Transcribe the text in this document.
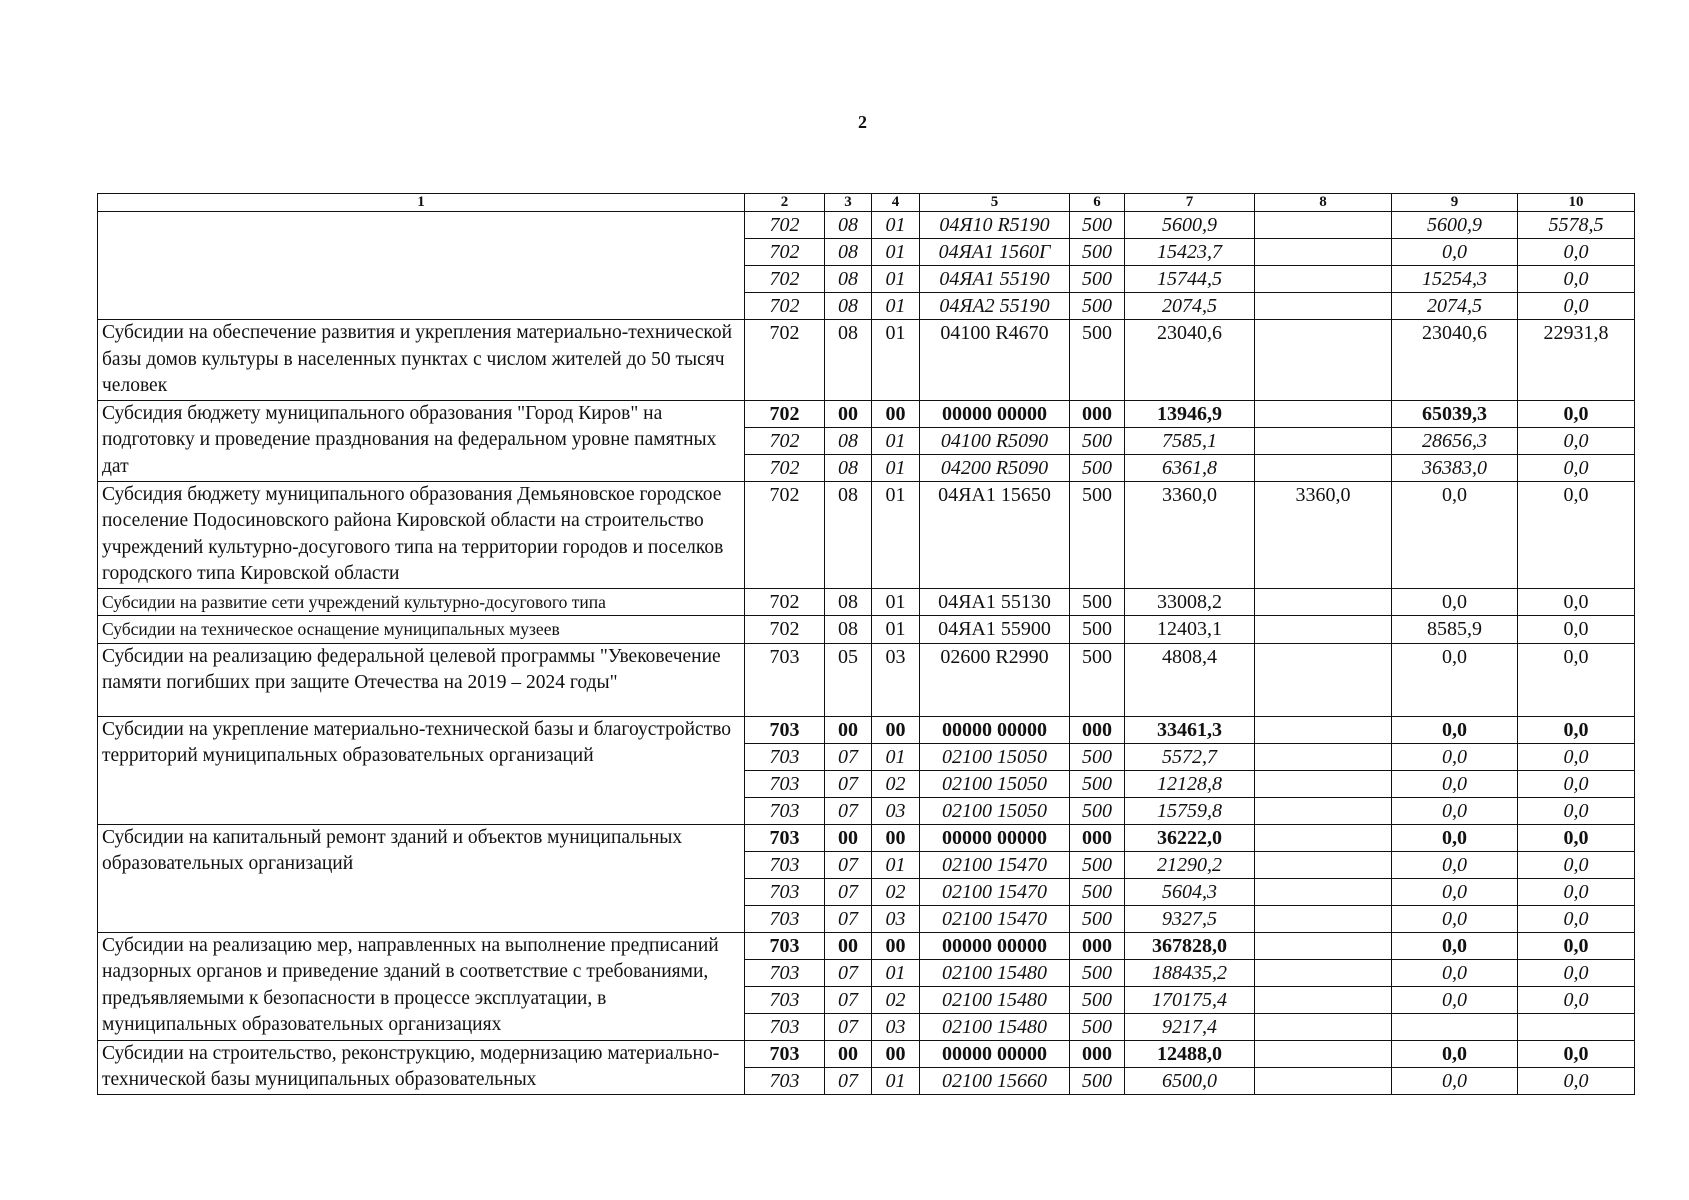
2
1	2	3	4	5	6	7	8	9	10
	702	08	01	04Я10 R5190	500	5600,9		5600,9	5578,5
	702	08	01	04ЯА1 1560Г	500	15423,7		0,0	0,0
	702	08	01	04ЯА1 55190	500	15744,5		15254,3	0,0
	702	08	01	04ЯА2 55190	500	2074,5		2074,5	0,0
Субсидии на обеспечение развития и укрепления материально-технической базы домов культуры в населенных пунктах с числом жителей до 50 тысяч человек	702	08	01	04100 R4670	500	23040,6		23040,6	22931,8
Субсидия бюджету муниципального образования "Город Киров" на подготовку и проведение празднования на федеральном уровне памятных дат	702	00	00	00000 00000	000	13946,9		65039,3	0,0
	702	08	01	04100 R5090	500	7585,1		28656,3	0,0
	702	08	01	04200 R5090	500	6361,8		36383,0	0,0
Субсидия бюджету муниципального образования Демьяновское городское поселение Подосиновского района Кировской области на строительство учреждений культурно-досугового типа на территории городов и поселков городского типа Кировской области	702	08	01	04ЯА1 15650	500	3360,0	3360,0	0,0	0,0
Субсидии на развитие сети учреждений культурно-досугового типа	702	08	01	04ЯА1 55130	500	33008,2		0,0	0,0
Субсидии на техническое оснащение муниципальных музеев	702	08	01	04ЯА1 55900	500	12403,1		8585,9	0,0
Субсидии на реализацию федеральной целевой программы "Увековечение памяти погибших при защите Отечества на 2019 – 2024 годы"	703	05	03	02600 R2990	500	4808,4		0,0	0,0
Субсидии на укрепление материально-технической базы и благоустройство территорий муниципальных образовательных организаций	703	00	00	00000 00000	000	33461,3		0,0	0,0
	703	07	01	02100 15050	500	5572,7		0,0	0,0
	703	07	02	02100 15050	500	12128,8		0,0	0,0
	703	07	03	02100 15050	500	15759,8		0,0	0,0
Субсидии на капитальный ремонт зданий и объектов муниципальных образовательных организаций	703	00	00	00000 00000	000	36222,0		0,0	0,0
	703	07	01	02100 15470	500	21290,2		0,0	0,0
	703	07	02	02100 15470	500	5604,3		0,0	0,0
	703	07	03	02100 15470	500	9327,5		0,0	0,0
Субсидии на реализацию мер, направленных на выполнение предписаний надзорных органов и приведение зданий в соответствие с требованиями, предъявляемыми к безопасности в процессе эксплуатации, в муниципальных образовательных организациях	703	00	00	00000 00000	000	367828,0		0,0	0,0
	703	07	01	02100 15480	500	188435,2		0,0	0,0
	703	07	02	02100 15480	500	170175,4		0,0	0,0
	703	07	03	02100 15480	500	9217,4			
Субсидии на строительство, реконструкцию, модернизацию материально-технической базы муниципальных образовательных	703	00	00	00000 00000	000	12488,0		0,0	0,0
	703	07	01	02100 15660	500	6500,0		0,0	0,0
